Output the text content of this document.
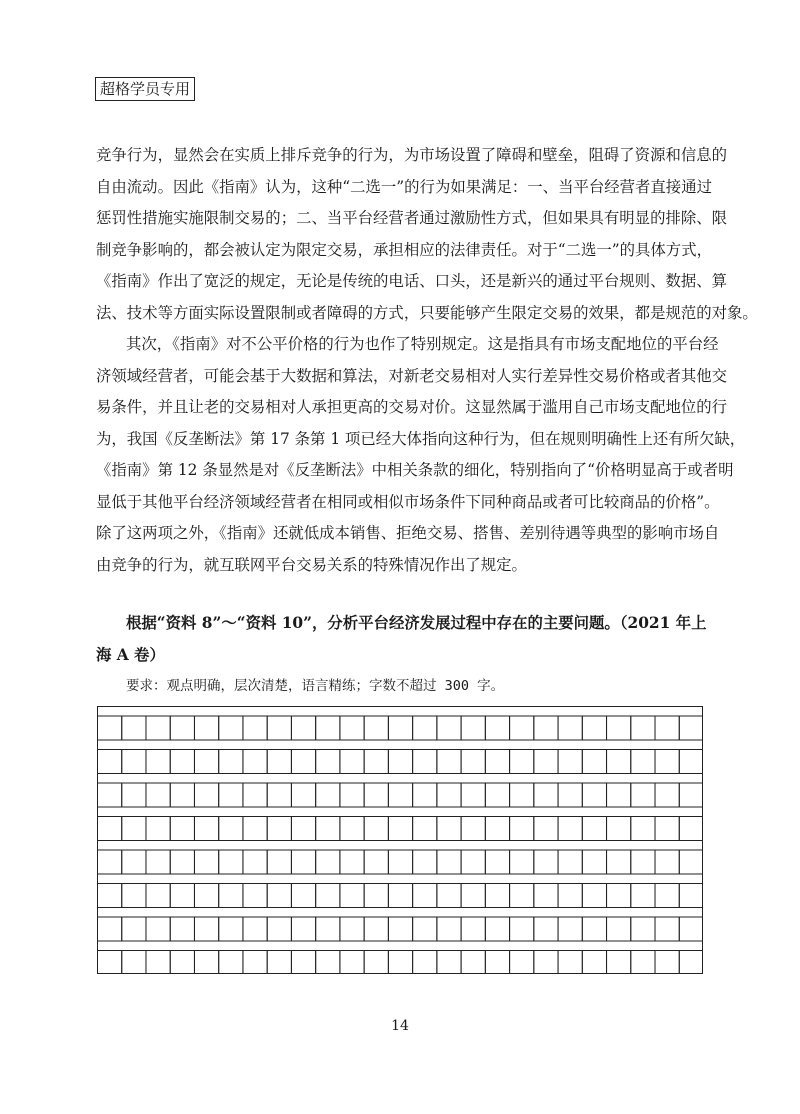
超格学员专用
竞争行为，显然会在实质上排斥竞争的行为，为市场设置了障碍和壁垒，阻碍了资源和信息的
自由流动。因此《指南》认为，这种“二选一”的行为如果满足：一、当平台经营者直接通过
惩罚性措施实施限制交易的；二、当平台经营者通过激励性方式，但如果具有明显的排除、限
制竞争影响的，都会被认定为限定交易，承担相应的法律责任。对于“二选一”的具体方式，
《指南》作出了宽泛的规定，无论是传统的电话、口头，还是新兴的通过平台规则、数据、算
法、技术等方面实际设置限制或者障碍的方式，只要能够产生限定交易的效果，都是规范的对象。
其次，《指南》对不公平价格的行为也作了特别规定。这是指具有市场支配地位的平台经
济领域经营者，可能会基于大数据和算法，对新老交易相对人实行差异性交易价格或者其他交
易条件，并且让老的交易相对人承担更高的交易对价。这显然属于滥用自己市场支配地位的行
为，我国《反垄断法》第 17 条第 1 项已经大体指向这种行为，但在规则明确性上还有所欠缺，
《指南》第 12 条显然是对《反垄断法》中相关条款的细化，特别指向了“价格明显高于或者明
显低于其他平台经济领域经营者在相同或相似市场条件下同种商品或者可比较商品的价格”。
除了这两项之外，《指南》还就低成本销售、拒绝交易、搭售、差别待遇等典型的影响市场自
由竞争的行为，就互联网平台交易关系的特殊情况作出了规定。
根据“资料 8”～“资料 10”，分析平台经济发展过程中存在的主要问题。（2021 年上
海 A 卷）
要求：观点明确，层次清楚，语言精练；字数不超过 300 字。
14
